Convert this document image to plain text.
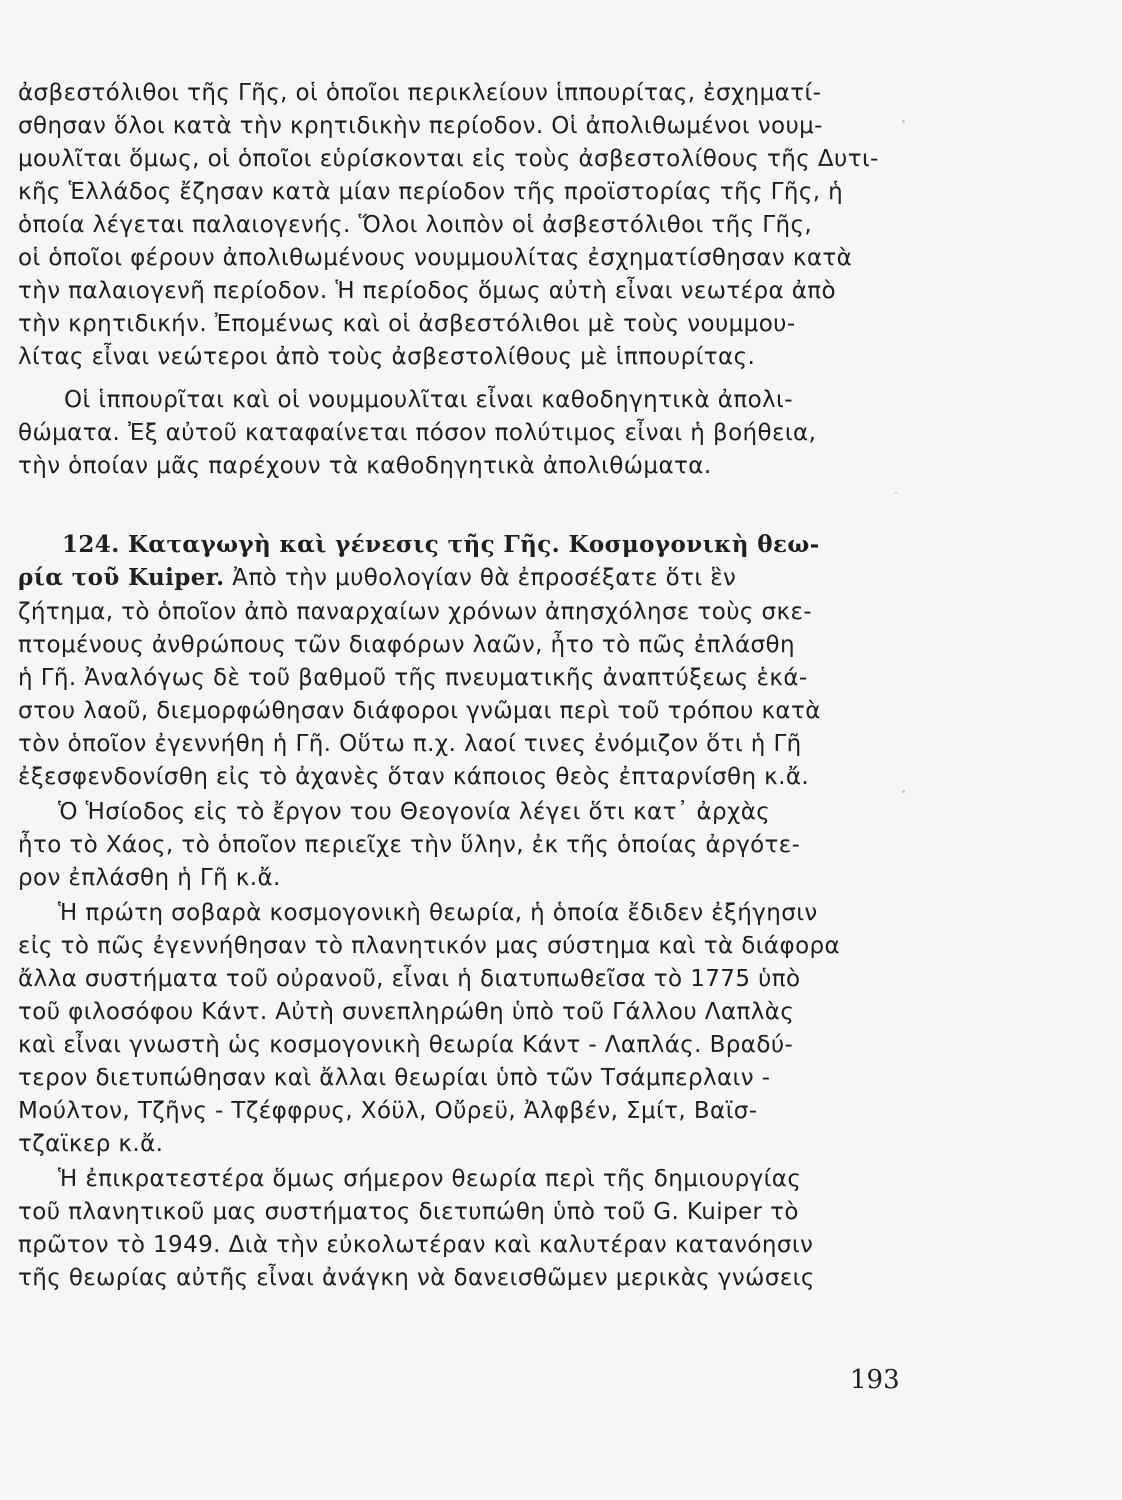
ἀσβεστόλιθοι τῆς Γῆς, οἱ ὁποῖοι περικλείουν ἱππουρίτας, ἐσχηματί-
σθησαν ὅλοι κατὰ τὴν κρητιδικὴν περίοδον. Οἱ ἀπολιθωμένοι νουμ-
μουλῖται ὅμως, οἱ ὁποῖοι εὑρίσκονται εἰς τοὺς ἀσβεστολίθους τῆς Δυτι-
κῆς Ἑλλάδος ἔζησαν κατὰ μίαν περίοδον τῆς προϊστορίας τῆς Γῆς, ἡ
ὁποία λέγεται παλαιογενής. Ὅλοι λοιπὸν οἱ ἀσβεστόλιθοι τῆς Γῆς,
οἱ ὁποῖοι φέρουν ἀπολιθωμένους νουμμουλίτας ἐσχηματίσθησαν κατὰ
τὴν παλαιογενῆ περίοδον. Ἡ περίοδος ὅμως αὐτὴ εἶναι νεωτέρα ἀπὸ
τὴν κρητιδικήν. Ἐπομένως καὶ οἱ ἀσβεστόλιθοι μὲ τοὺς νουμμου-
λίτας εἶναι νεώτεροι ἀπὸ τοὺς ἀσβεστολίθους μὲ ἱππουρίτας.
Οἱ ἱππουρῖται καὶ οἱ νουμμουλῖται εἶναι καθοδηγητικὰ ἀπολι-
θώματα. Ἐξ αὐτοῦ καταφαίνεται πόσον πολύτιμος εἶναι ἡ βοήθεια,
τὴν ὁποίαν μᾶς παρέχουν τὰ καθοδηγητικὰ ἀπολιθώματα.
124. Καταγωγὴ καὶ γένεσις τῆς Γῆς. Κοσμογονικὴ θεω-
ρία τοῦ Kuiper. Ἀπὸ τὴν μυθολογίαν θὰ ἐπροσέξατε ὅτι ἓν
ζήτημα, τὸ ὁποῖον ἀπὸ παναρχαίων χρόνων ἀπησχόλησε τοὺς σκε-
πτομένους ἀνθρώπους τῶν διαφόρων λαῶν, ἦτο τὸ πῶς ἐπλάσθη
ἡ Γῆ. Ἀναλόγως δὲ τοῦ βαθμοῦ τῆς πνευματικῆς ἀναπτύξεως ἑκά-
στου λαοῦ, διεμορφώθησαν διάφοροι γνῶμαι περὶ τοῦ τρόπου κατὰ
τὸν ὁποῖον ἐγεννήθη ἡ Γῆ. Οὕτω π.χ. λαοί τινες ἐνόμιζον ὅτι ἡ Γῆ
ἐξεσφενδονίσθη εἰς τὸ ἀχανὲς ὅταν κάποιος θεὸς ἐπταρνίσθη κ.ἄ.
Ὁ Ἡσίοδος εἰς τὸ ἔργον του Θεογονία λέγει ὅτι κατ᾽ ἀρχὰς
ἦτο τὸ Χάος, τὸ ὁποῖον περιεῖχε τὴν ὕλην, ἐκ τῆς ὁποίας ἀργότε-
ρον ἐπλάσθη ἡ Γῆ κ.ἄ.
Ἡ πρώτη σοβαρὰ κοσμογονικὴ θεωρία, ἡ ὁποία ἔδιδεν ἐξήγησιν
εἰς τὸ πῶς ἐγεννήθησαν τὸ πλανητικόν μας σύστημα καὶ τὰ διάφορα
ἄλλα συστήματα τοῦ οὐρανοῦ, εἶναι ἡ διατυπωθεῖσα τὸ 1775 ὑπὸ
τοῦ φιλοσόφου Κάντ. Αὐτὴ συνεπληρώθη ὑπὸ τοῦ Γάλλου Λαπλὰς
καὶ εἶναι γνωστὴ ὡς κοσμογονικὴ θεωρία Κάντ - Λαπλάς. Βραδύ-
τερον διετυπώθησαν καὶ ἄλλαι θεωρίαι ὑπὸ τῶν Τσάμπερλαιν -
Μούλτον, Τζῆνς - Τζέφφρυς, Χόϋλ, Οὔρεϋ, Ἀλφβέν, Σμίτ, Βαϊσ-
τζαϊκερ κ.ἄ.
Ἡ ἐπικρατεστέρα ὅμως σήμερον θεωρία περὶ τῆς δημιουργίας
τοῦ πλανητικοῦ μας συστήματος διετυπώθη ὑπὸ τοῦ G. Kuiper τὸ
πρῶτον τὸ 1949. Διὰ τὴν εὐκολωτέραν καὶ καλυτέραν κατανόησιν
τῆς θεωρίας αὐτῆς εἶναι ἀνάγκη νὰ δανεισθῶμεν μερικὰς γνώσεις
193
